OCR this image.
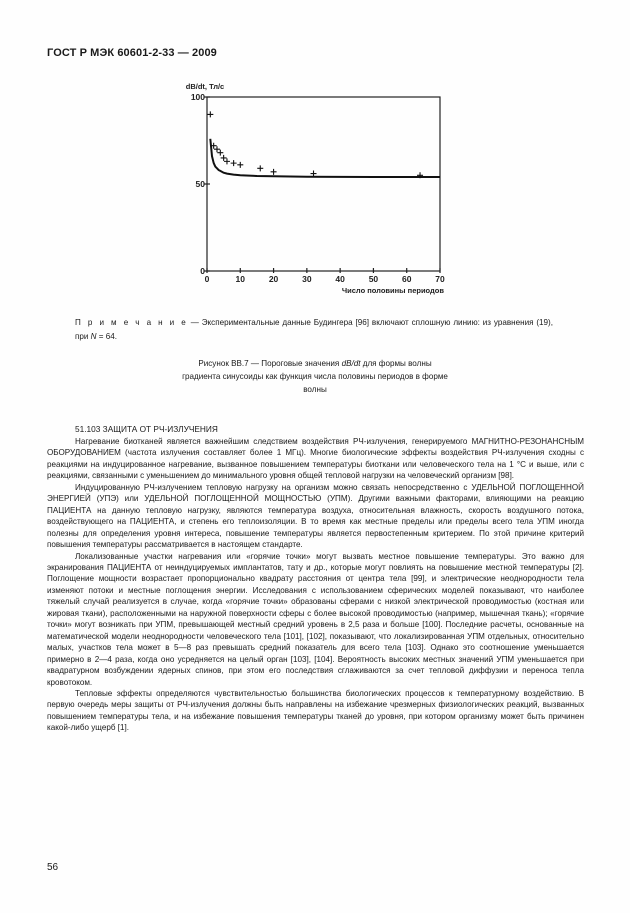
ГОСТ Р МЭК 60601-2-33 — 2009
0
50
100
0	10	20	30	40	50	60	70
dB/dt, Тл/с
Число половины периодов
П р и м е ч а н и е — Экспериментальные данные Будингера [96] включают сплошную линию: из уравнения (19), при N = 64.
Рисунок ВВ.7 — Пороговые значения dB/dt для формы волны градиента синусоиды как функция числа половины периодов в форме волны
51.103 ЗАЩИТА ОТ РЧ-ИЗЛУЧЕНИЯ

Нагревание биотканей является важнейшим следствием воздействия РЧ-излучения, генерируемого МАГНИТНО-РЕЗОНАНСНЫМ ОБОРУДОВАНИЕМ (частота излучения составляет более 1 МГц). Многие биологические эффекты воздействия РЧ-излучения сходны с реакциями на индуцированное нагревание, вызванное повышением температуры биоткани или человеческого тела на 1 °С и выше, или с реакциями, связанными с уменьшением до минимального уровня общей тепловой нагрузки на человеческий организм [98].

Индуцированную РЧ-излучением тепловую нагрузку на организм можно связать непосредственно с УДЕЛЬНОЙ ПОГЛОЩЕННОЙ ЭНЕРГИЕЙ (УПЭ) или УДЕЛЬНОЙ ПОГЛОЩЕННОЙ МОЩНОСТЬЮ (УПМ). Другими важными факторами, влияющими на реакцию ПАЦИЕНТА на данную тепловую нагрузку, являются температура воздуха, относительная влажность, скорость воздушного потока, воздействующего на ПАЦИЕНТА, и степень его теплоизоляции. В то время как местные пределы или пределы всего тела УПМ иногда полезны для определения уровня интереса, повышение температуры является первостепенным критерием. По этой причине критерий повышения температуры рассматривается в настоящем стандарте.

Локализованные участки нагревания или «горячие точки» могут вызвать местное повышение температуры. Это важно для экранирования ПАЦИЕНТА от неиндуцируемых имплантатов, тату и др., которые могут повлиять на повышение местной температуры [2]. Поглощение мощности возрастает пропорционально квадрату расстояния от центра тела [99], и электрические неоднородности тела изменяют потоки и местные поглощения энергии. Исследования с использованием сферических моделей показывают, что наиболее тяжелый случай реализуется в случае, когда «горячие точки» образованы сферами с низкой электрической проводимостью (костная или жировая ткани), расположенными на наружной поверхности сферы с более высокой проводимостью (например, мышечная ткань); «горячие точки» могут возникать при УПМ, превышающей местный средний уровень в 2,5 раза и больше [100]. Последние расчеты, основанные на математической модели неоднородности человеческого тела [101], [102], показывают, что локализированная УПМ отдельных, относительно малых, участков тела может в 5—8 раз превышать средний показатель для всего тела [103]. Однако это соотношение уменьшается примерно в 2—4 раза, когда оно усредняется на целый орган [103], [104]. Вероятность высоких местных значений УПМ уменьшается при квадратурном возбуждении ядерных спинов, при этом его последствия сглаживаются за счет тепловой диффузии и переноса тепла кровотоком.

Тепловые эффекты определяются чувствительностью большинства биологических процессов к температурному воздействию. В первую очередь меры защиты от РЧ-излучения должны быть направлены на избежание чрезмерных физиологических реакций, вызванных повышением температуры тела, и на избежание повышения температуры тканей до уровня, при котором организму может быть причинен какой-либо ущерб [1].

56
